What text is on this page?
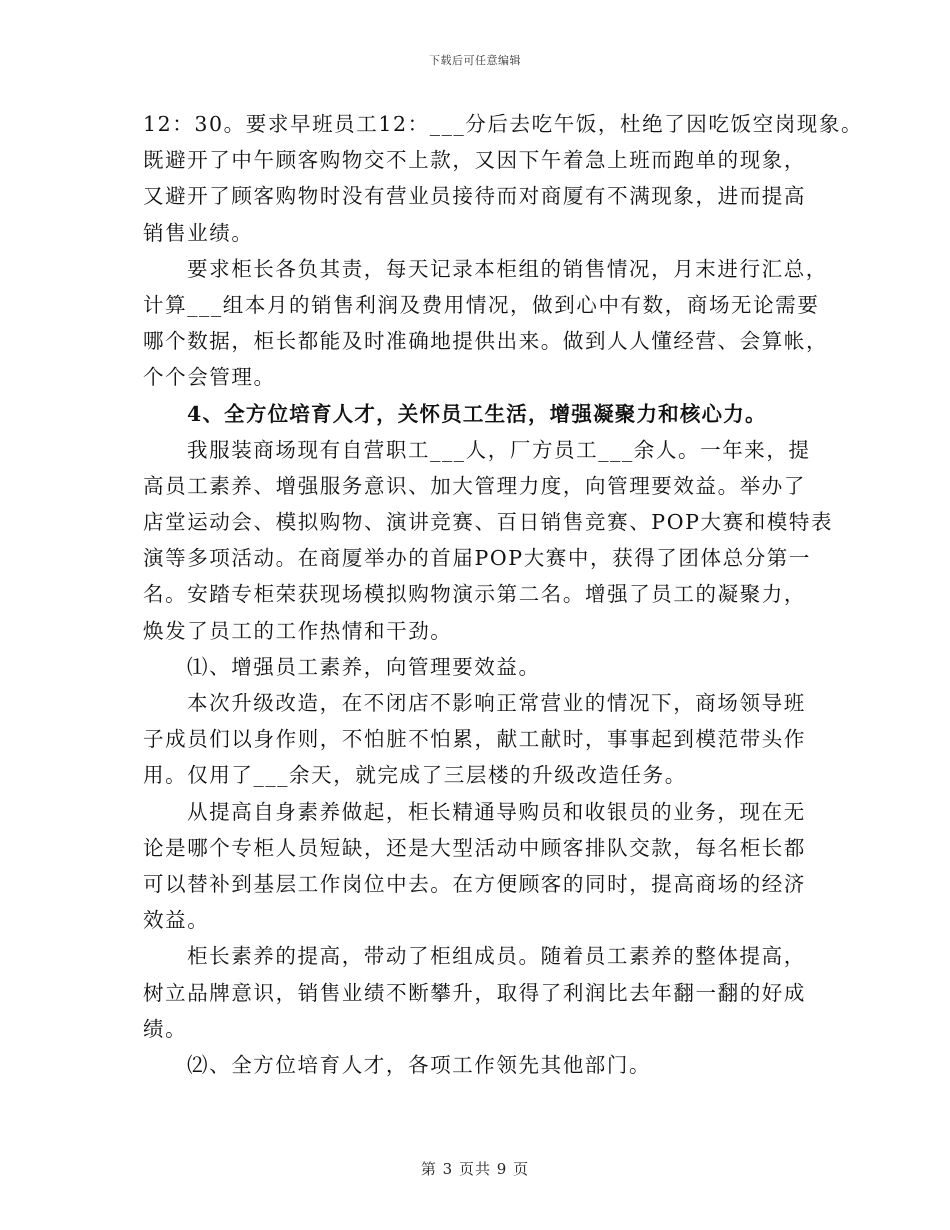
下载后可任意编辑
12：30。要求早班员工12：___分后去吃午饭，杜绝了因吃饭空岗现象。
既避开了中午顾客购物交不上款，又因下午着急上班而跑单的现象，
又避开了顾客购物时没有营业员接待而对商厦有不满现象，进而提高
销售业绩。
要求柜长各负其责，每天记录本柜组的销售情况，月末进行汇总，
计算___组本月的销售利润及费用情况，做到心中有数，商场无论需要
哪个数据，柜长都能及时准确地提供出来。做到人人懂经营、会算帐，
个个会管理。
4、全方位培育人才，关怀员工生活，增强凝聚力和核心力。
我服装商场现有自营职工___人，厂方员工___余人。一年来，提
高员工素养、增强服务意识、加大管理力度，向管理要效益。举办了
店堂运动会、模拟购物、演讲竞赛、百日销售竞赛、POP大赛和模特表
演等多项活动。在商厦举办的首届POP大赛中，获得了团体总分第一
名。安踏专柜荣获现场模拟购物演示第二名。增强了员工的凝聚力，
焕发了员工的工作热情和干劲。
⑴、增强员工素养，向管理要效益。
本次升级改造，在不闭店不影响正常营业的情况下，商场领导班
子成员们以身作则，不怕脏不怕累，献工献时，事事起到模范带头作
用。仅用了___余天，就完成了三层楼的升级改造任务。
从提高自身素养做起，柜长精通导购员和收银员的业务，现在无
论是哪个专柜人员短缺，还是大型活动中顾客排队交款，每名柜长都
可以替补到基层工作岗位中去。在方便顾客的同时，提高商场的经济
效益。
柜长素养的提高，带动了柜组成员。随着员工素养的整体提高，
树立品牌意识，销售业绩不断攀升，取得了利润比去年翻一翻的好成
绩。
⑵、全方位培育人才，各项工作领先其他部门。
第 3 页共 9 页
